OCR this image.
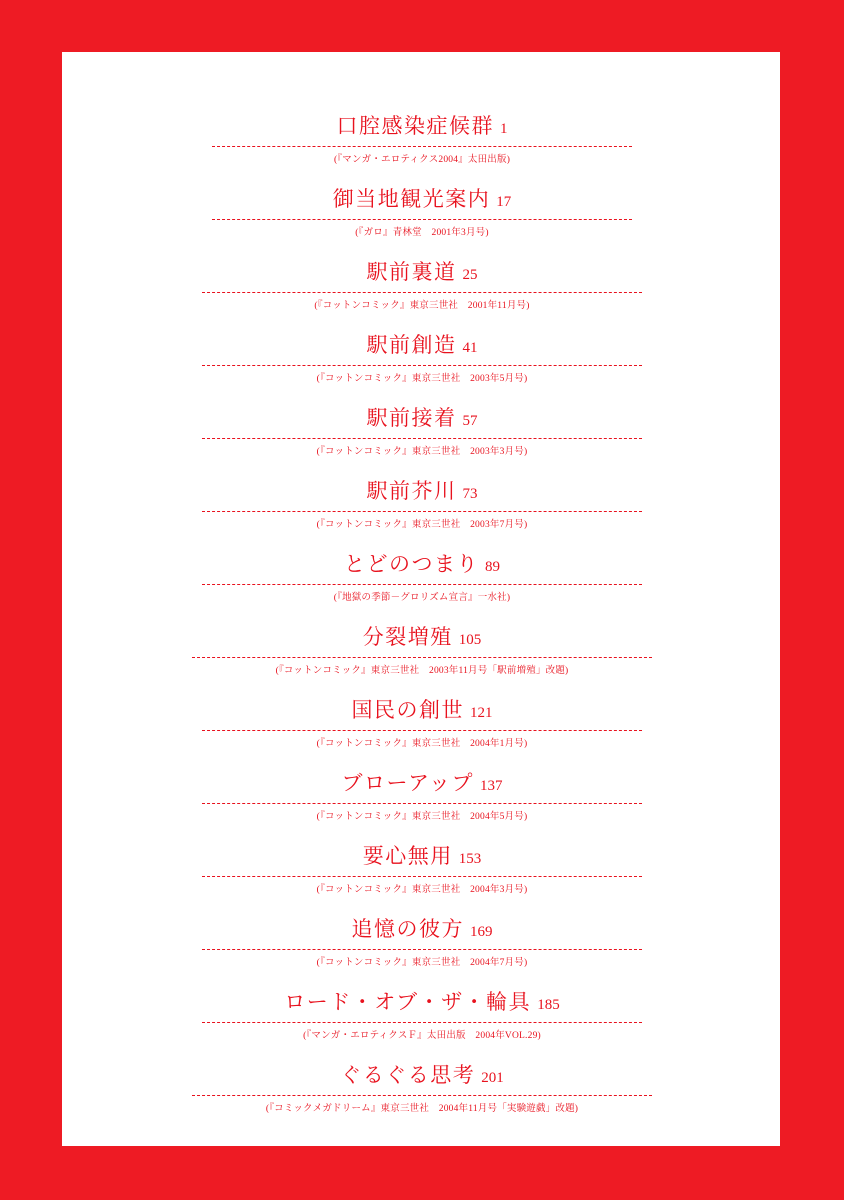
口腔感染症候群 1
(『マンガ・エロティクス2004』太田出版)
御当地観光案内 17
(『ガロ』青林堂　2001年3月号)
駅前裏道 25
(『コットンコミック』東京三世社　2001年11月号)
駅前創造 41
(『コットンコミック』東京三世社　2003年5月号)
駅前接着 57
(『コットンコミック』東京三世社　2003年3月号)
駅前芥川 73
(『コットンコミック』東京三世社　2003年7月号)
とどのつまり 89
(『地獄の季節－グロリズム宣言』一水社)
分裂増殖 105
(『コットンコミック』東京三世社　2003年11月号「駅前増殖」改題)
国民の創世 121
(『コットンコミック』東京三世社　2004年1月号)
ブローアップ 137
(『コットンコミック』東京三世社　2004年5月号)
要心無用 153
(『コットンコミック』東京三世社　2004年3月号)
追憶の彼方 169
(『コットンコミック』東京三世社　2004年7月号)
ロード・オブ・ザ・輪具 185
(『マンガ・エロティクスＦ』太田出版　2004年VOL.29)
ぐるぐる思考 201
(『コミックメガドリーム』東京三世社　2004年11月号「実験遊戯」改題)
